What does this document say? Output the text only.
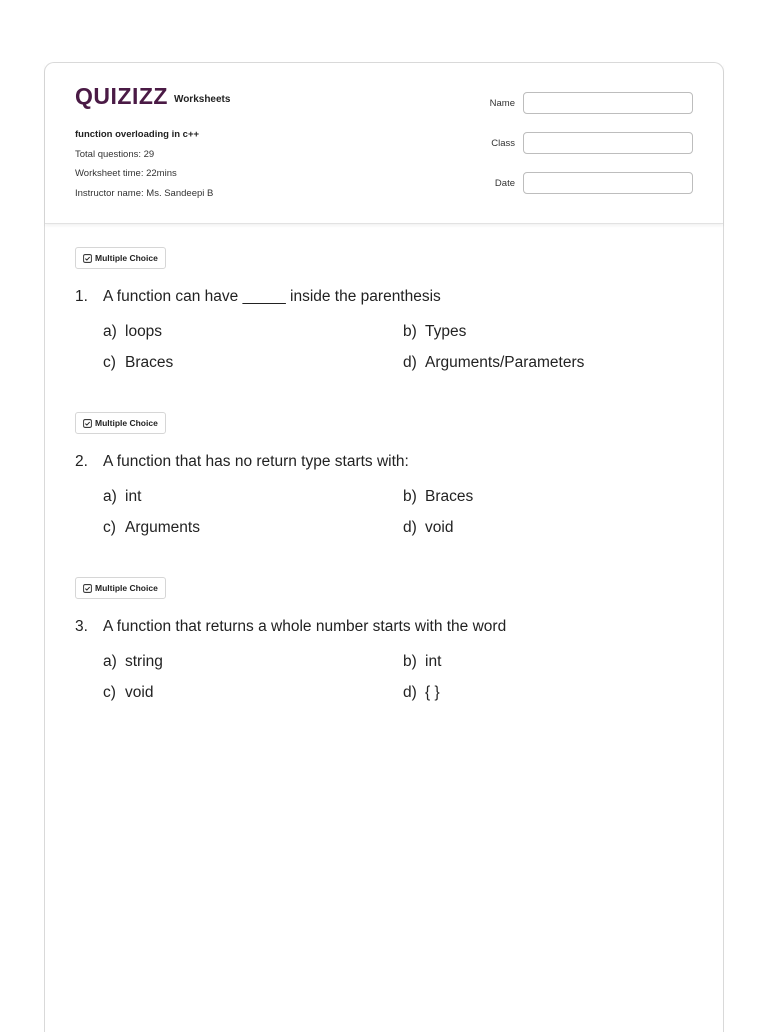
QUIZIZZ Worksheets
function overloading in c++
Total questions: 29
Worksheet time: 22mins
Instructor name: Ms. Sandeepi B
Name
Class
Date
Multiple Choice
1. A function can have _____ inside the parenthesis
a) loops	b) Types
c) Braces	d) Arguments/Parameters
Multiple Choice
2. A function that has no return type starts with:
a) int	b) Braces
c) Arguments	d) void
Multiple Choice
3. A function that returns a whole number starts with the word
a) string	b) int
c) void	d) { }
